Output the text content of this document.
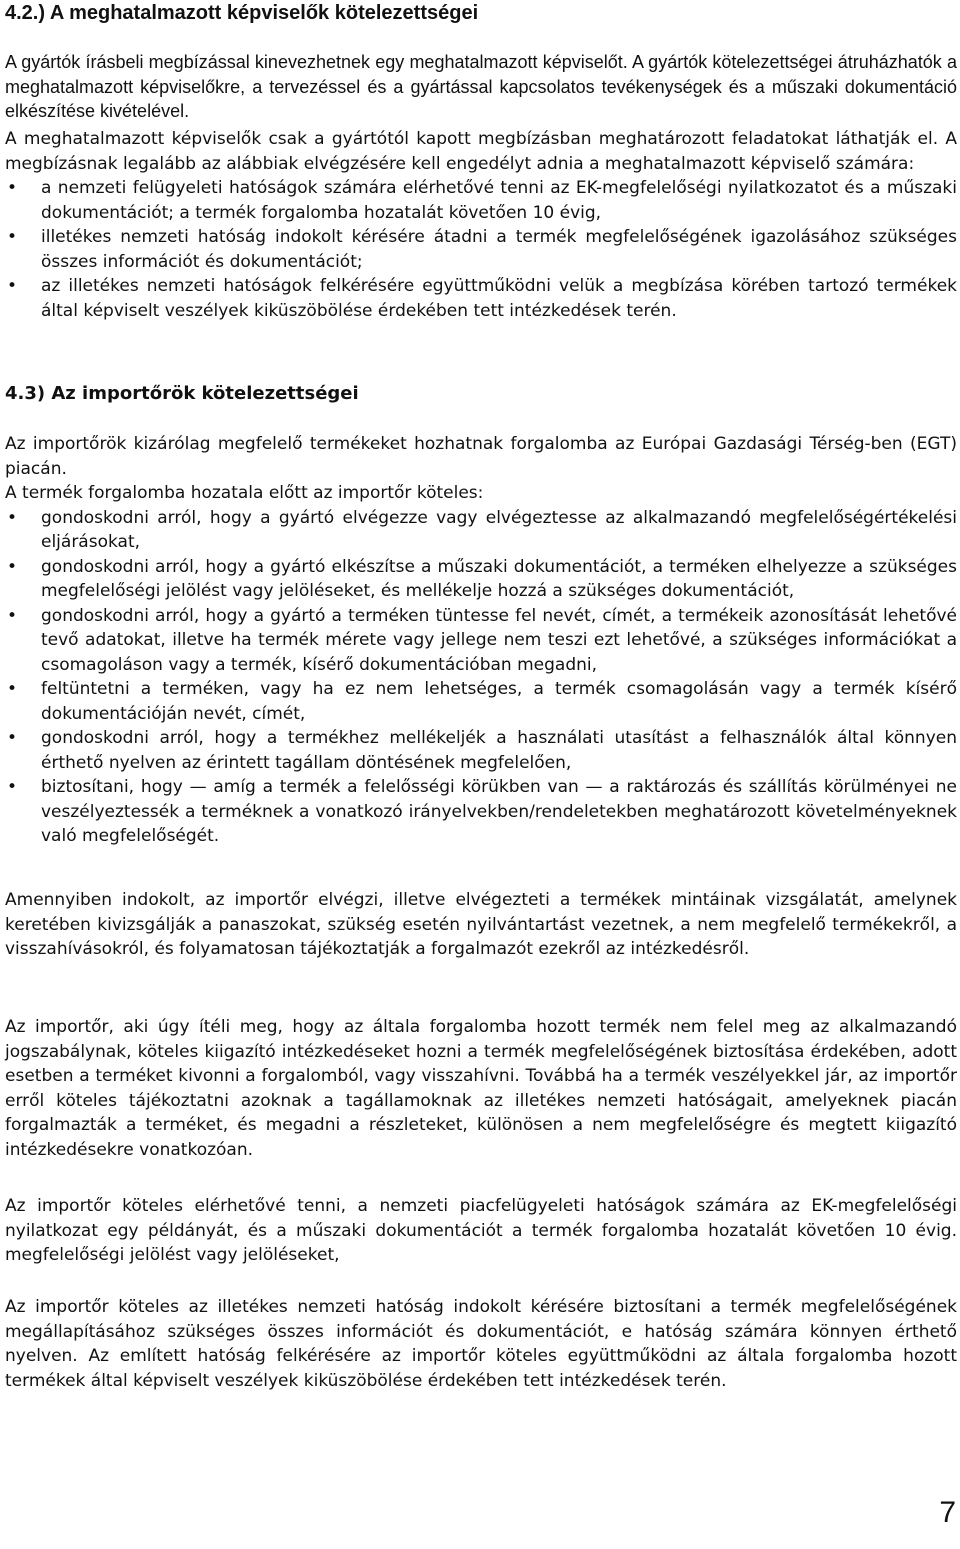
4.2.) A meghatalmazott képviselők kötelezettségei

A gyártók írásbeli megbízással kinevezhetnek egy meghatalmazott képviselőt. A gyártók kötelezettségei átruházhatók a meghatalmazott képviselőkre, a tervezéssel és a gyártással kapcsolatos tevékenységek és a műszaki dokumentáció elkészítése kivételével.

A meghatalmazott képviselők csak a gyártótól kapott megbízásban meghatározott feladatokat láthatják el. A megbízásnak legalább az alábbiak elvégzésére kell engedélyt adnia a meghatalmazott képviselő számára:

• a nemzeti felügyeleti hatóságok számára elérhetővé tenni az EK-megfelelőségi nyilatkozatot és a műszaki dokumentációt; a termék forgalomba hozatalát követően 10 évig,
• illetékes nemzeti hatóság indokolt kérésére átadni a termék megfelelőségének igazolásához szükséges összes információt és dokumentációt;
• az illetékes nemzeti hatóságok felkérésére együttműködni velük a megbízása körében tartozó termékek által képviselt veszélyek kiküszöbölése érdekében tett intézkedések terén.
4.3) Az importőrök kötelezettségei

Az importőrök kizárólag megfelelő termékeket hozhatnak forgalomba az Európai Gazdasági Térség-ben (EGT) piacán.

A termék forgalomba hozatala előtt az importőr köteles:

• gondoskodni arról, hogy a gyártó elvégezze vagy elvégeztesse az alkalmazandó megfelelőségértékelési eljárásokat,
• gondoskodni arról, hogy a gyártó elkészítse a műszaki dokumentációt, a terméken elhelyezze a szükséges megfelelőségi jelölést vagy jelöléseket, és mellékelje hozzá a szükséges dokumentációt,
• gondoskodni arról, hogy a gyártó a terméken tüntesse fel nevét, címét, a termékeik azonosítását lehetővé tevő adatokat, illetve ha termék mérete vagy jellege nem teszi ezt lehetővé, a szükséges információkat a csomagoláson vagy a termék, kísérő dokumentációban megadni,
• feltüntetni a terméken, vagy ha ez nem lehetséges, a termék csomagolásán vagy a termék kísérő dokumentációján nevét, címét,
• gondoskodni arról, hogy a termékhez mellékeljék a használati utasítást a felhasználók által könnyen érthető nyelven az érintett tagállam döntésének megfelelően,
• biztosítani, hogy — amíg a termék a felelősségi körükben van — a raktározás és szállítás körülményei ne veszélyeztessék a terméknek a vonatkozó irányelvekben/rendeletekben meghatározott követelményeknek való megfelelőségét.

Amennyiben indokolt, az importőr elvégzi, illetve elvégezteti a termékek mintáinak vizsgálatát, amelynek keretében kivizsgálják a panaszokat, szükség esetén nyilvántartást vezetnek, a nem megfelelő termékekről, a visszahívásokról, és folyamatosan tájékoztatják a forgalmazót ezekről az intézkedésről.

Az importőr, aki úgy ítéli meg, hogy az általa forgalomba hozott termék nem felel meg az alkalmazandó jogszabálynak, köteles kiigazító intézkedéseket hozni a termék megfelelőségének biztosítása érdekében, adott esetben a terméket kivonni a forgalomból, vagy visszahívni. Továbbá ha a termék veszélyekkel jár, az importőr erről köteles tájékoztatni azoknak a tagállamoknak az illetékes nemzeti hatóságait, amelyeknek piacán forgalmazták a terméket, és megadni a részleteket, különösen a nem megfelelőségre és megtett kiigazító intézkedésekre vonatkozóan.

Az importőr köteles elérhetővé tenni, a nemzeti piacfelügyeleti hatóságok számára az EK-megfelelőségi nyilatkozat egy példányát, és a műszaki dokumentációt a termék forgalomba hozatalát követően 10 évig. megfelelőségi jelölést vagy jelöléseket,

Az importőr köteles az illetékes nemzeti hatóság indokolt kérésére biztosítani a termék megfelelőségének megállapításához szükséges összes információt és dokumentációt, e hatóság számára könnyen érthető nyelven. Az említett hatóság felkérésére az importőr köteles együttműködni az általa forgalomba hozott termékek által képviselt veszélyek kiküszöbölése érdekében tett intézkedések terén.

7
